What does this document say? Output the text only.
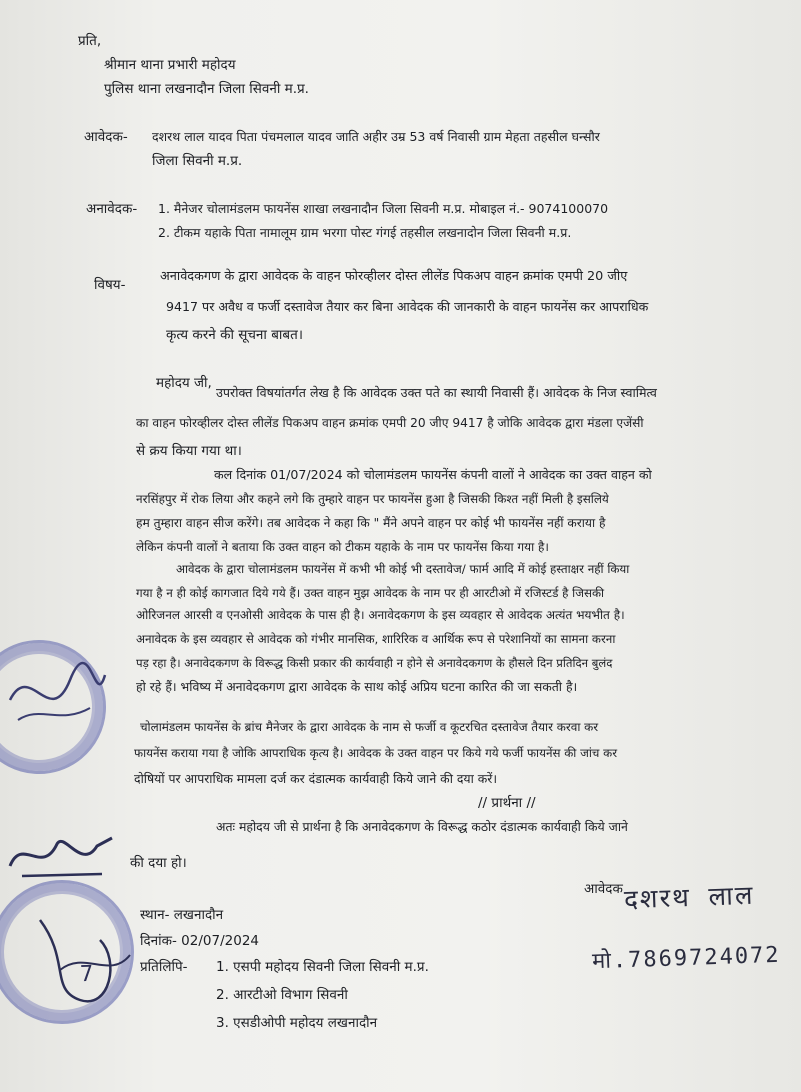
प्रति,
श्रीमान थाना प्रभारी महोदय
पुलिस थाना लखनादौन जिला सिवनी म.प्र.
आवेदक- दशरथ लाल यादव पिता पंचमलाल यादव जाति अहीर उम्र 53 वर्ष निवासी ग्राम मेहता तहसील घन्सौर
जिला सिवनी म.प्र.
अनावेदक- 1. मैनेजर चोलामंडलम फायनेंस शाखा लखनादौन जिला सिवनी म.प्र. मोबाइल नं.- 9074100070
2. टीकम यहाके पिता नामालूम ग्राम भरगा पोस्ट गंगई तहसील लखनादोन जिला सिवनी म.प्र.
विषय-
अनावेदकगण के द्वारा आवेदक के वाहन फोरव्हीलर दोस्त लीलेंड पिकअप वाहन क्रमांक एमपी 20 जीए
9417 पर अवैध व फर्जी दस्तावेज तैयार कर बिना आवेदक की जानकारी के वाहन फायनेंस कर आपराधिक
कृत्य करने की सूचना बाबत।
महोदय जी,
उपरोक्त विषयांतर्गत लेख है कि आवेदक उक्त पते का स्थायी निवासी हैं। आवेदक के निज स्वामित्व
का वाहन फोरव्हीलर दोस्त लीलेंड पिकअप वाहन क्रमांक एमपी 20 जीए 9417 है जोकि आवेदक द्वारा मंडला एजेंसी
से क्रय किया गया था।
कल दिनांक 01/07/2024 को चोलामंडलम फायनेंस कंपनी वालों ने आवेदक का उक्त वाहन को
नरसिंहपुर में रोक लिया और कहने लगे कि तुम्हारे वाहन पर फायनेंस हुआ है जिसकी किश्त नहीं मिली है इसलिये
हम तुम्हारा वाहन सीज करेंगे। तब आवेदक ने कहा कि " मैंने अपने वाहन पर कोई भी फायनेंस नहीं कराया है
लेकिन कंपनी वालों ने बताया कि उक्त वाहन को टीकम यहाके के नाम पर फायनेंस किया गया है।
आवेदक के द्वारा चोलामंडलम फायनेंस में कभी भी कोई भी दस्तावेज/ फार्म आदि में कोई हस्ताक्षर नहीं किया
गया है न ही कोई कागजात दिये गये हैं। उक्त वाहन मुझ आवेदक के नाम पर ही आरटीओ में रजिस्टर्ड है जिसकी
ओरिजनल आरसी व एनओसी आवेदक के पास ही है। अनावेदकगण के इस व्यवहार से आवेदक अत्यंत भयभीत है।
अनावेदक के इस व्यवहार से आवेदक को गंभीर मानसिक, शारिरिक व आर्थिक रूप से परेशानियों का सामना करना
पड़ रहा है। अनावेदकगण के विरूद्ध किसी प्रकार की कार्यवाही न होने से अनावेदकगण के हौसले दिन प्रतिदिन बुलंद
हो रहे हैं। भविष्य में अनावेदकगण द्वारा आवेदक के साथ कोई अप्रिय घटना कारित की जा सकती है।
चोलामंडलम फायनेंस के ब्रांच मैनेजर के द्वारा आवेदक के नाम से फर्जी व कूटरचित दस्तावेज तैयार करवा कर
फायनेंस कराया गया है जोकि आपराधिक कृत्य है। आवेदक के उक्त वाहन पर किये गये फर्जी फायनेंस की जांच कर
दोषियों पर आपराधिक मामला दर्ज कर दंडात्मक कार्यवाही किये जाने की दया करें।
// प्रार्थना //
अतः महोदय जी से प्रार्थना है कि अनावेदकगण के विरूद्ध कठोर दंडात्मक कार्यवाही किये जाने
की दया हो।
स्थान- लखनादौन
दिनांक- 02/07/2024
प्रतिलिपि- 1. एसपी महोदय सिवनी जिला सिवनी म.प्र.
2. आरटीओ विभाग सिवनी
3. एसडीओपी महोदय लखनादौन
आवेदक दशरथ लाल
मो.7869724072
7
